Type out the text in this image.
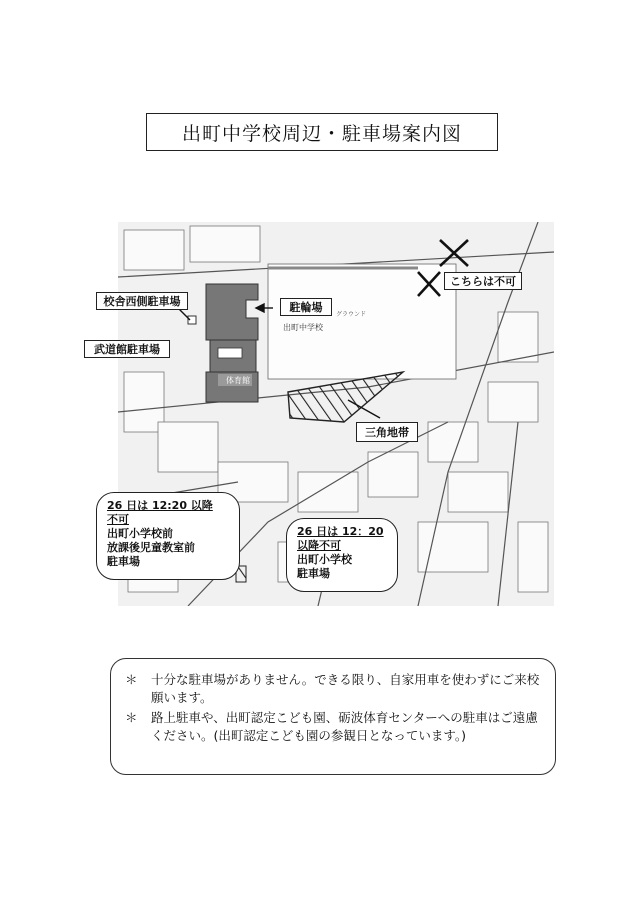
出町中学校周辺・駐車場案内図
体育館
出町中学校
グラウンド
校舎西側駐車場	駐輪場
武道館駐車場
こちらは不可
三角地帯
26 日は 12:20 以降
不可
出町小学校前
放課後児童教室前
駐車場
26 日は 12：20
以降不可
出町小学校
駐車場
＊	十分な駐車場がありません。できる限り、自家用車を使わずにご来校願います。
＊	路上駐車や、出町認定こども園、砺波体育センターへの駐車はご遠慮ください。(出町認定こども園の参観日となっています。)
